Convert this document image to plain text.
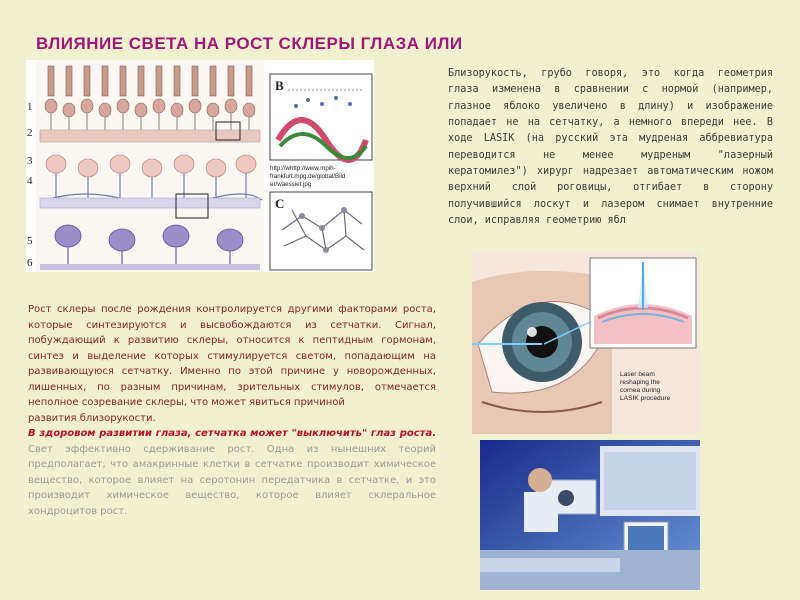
ВЛИЯНИЕ СВЕТА НА РОСТ СКЛЕРЫ ГЛАЗА ИЛИ
1
2
3
4
5
6
B
http://whttp://www.mpih-
frankfurt.mpg.de/global/Bild
er/waessiet.jpg
C
Близорукость, грубо говоря, это когда геометрия глаза изменена в сравнении с нормой (например, глазное яблоко увеличено в длину) и изображение попадает не на сетчатку, а немного впереди нее. В ходе LASIK (на русский эта мудреная аббревиатура переводится не менее мудреным "лазерный кератомилез") хирург надрезает автоматическим ножом верхний слой роговицы, отгибает в сторону получившийся лоскут и лазером снимает внутренние слои, исправляя геометрию ябл
Laser beam
reshaping the
cornea during
LASIK procedure

Рост склеры после рождения контролируется другими факторами роста, которые синтезируются и высвобождаются из сетчатки. Сигнал, побуждающий к развитию склеры, относится к пептидным гормонам, синтез и выделение которых стимулируется светом, попадающим на развивающуюся сетчатку. Именно по этой причине у новорожденных, лишенных, по разным причинам, зрительных стимулов, отмечается неполное созревание склеры, что может явиться причиной

развития близорукости.

В здоровом развитии глаза, сетчатка может "выключить" глаз роста. Свет эффективно сдерживание рост. Одна из нынешних теорий предполагает, что амакринные клетки в сетчатке производит химическое вещество, которое влияет на серотонин передатчика в сетчатке, и это производит химическое вещество, которое влияет склеральное хондроцитов рост.
